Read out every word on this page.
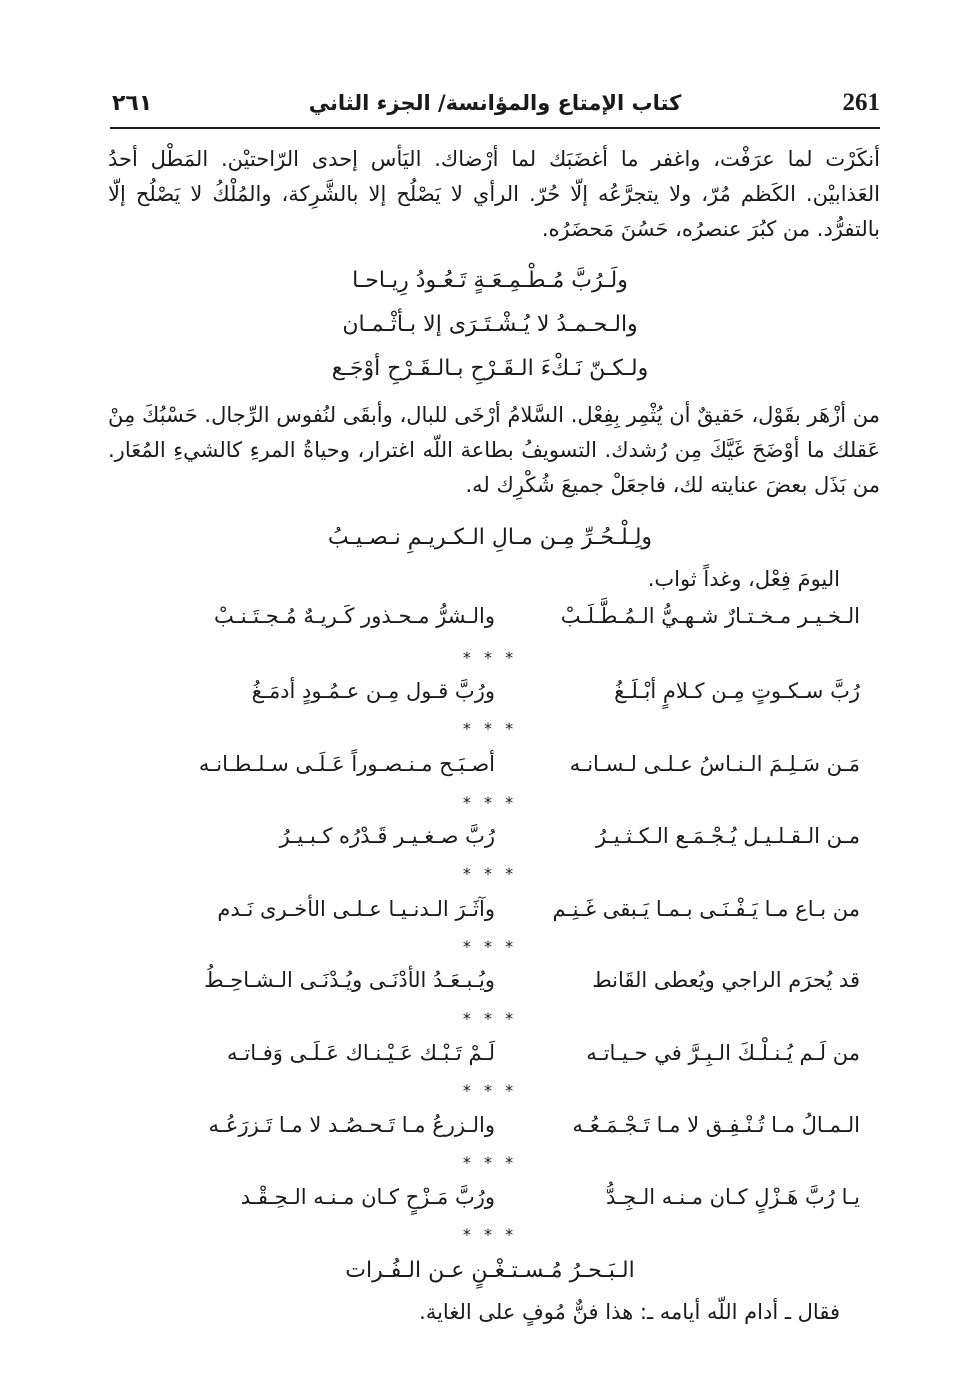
261
كتاب الإمتاع والمؤانسة/ الجزء الثاني
٢٦١
أنكَرْت لما عرَفْت، واغفر ما أغضَبَك لما أرْضاك. اليَأس إحدى الرّاحتيْن. المَطْل أحدُ العَذابيْن. الكَظم مُرّ، ولا يتجرَّعُه إلّا حُرّ. الرأي لا يَصْلُح إلا بالشَّرِكة، والمُلْكُ لا يَصْلُح إلّا بالتفرُّد. من كبُرَ عنصرُه، حَسُنَ مَحضَرُه.
ولَـرُبَّ مُـطْـمِـعَـةٍ تَـعُـودُ رِيـاحـا
والـحـمـدُ لا يُـشْـتَـرَى إلا بـأثْـمـان
ولـكـنّ نَـكْءَ الـقَـرْحِ بـالـقَـرْحِ أوْجَـع
من أزْهَر بقَوْل، حَقيقٌ أن يُثْمِر بِفِعْل. السَّلامُ أرْخَى للبال، وأبقَى لنُفوس الرِّجال. حَسْبُكَ مِنْ عَقلك ما أوْضَحَ غَيَّكَ مِن رُشدك. التسويفُ بطاعة اللّه اغترار، وحياةُ المرءِ كالشيءِ المُعَار. من بَذَل بعضَ عنايته لك، فاجعَلْ جميعَ شُكْرِك له.
ولِـلْـحُـرِّ مِـن مـالِ الـكـريـمِ نـصـيـبُ
اليومَ فِعْل، وغداً ثواب.
الـخـيـر مـخـتـارٌ شـهـيُّ الـمُـطَّـلَـبْ
والـشرُّ مـحـذور كَـريـهٌ مُـجـتَـنـبْ
* * *
رُبَّ سـكـوتٍ مِـن كـلامٍ أبْـلَـغُ
ورُبَّ قـول مِـن عـمُـودٍ أدمَـغُ
* * *
مَـن سَـلِـمَ الـنـاسُ عـلـى لـسـانـه
أصـبَـح مـنـصـوراً عَـلَـى سـلـطـانـه
* * *
مـن الـقـلـيـل يُـجْـمَـع الـكـثـيـرُ
رُبَّ صـغـيـر قَـدْرُه كـبـيـرُ
* * *
من بـاع مـا يَـفْـنَـى بـمـا يَـبقى غَـنِـم
وآثَـرَ الـدنـيـا عـلـى الأخـرى نَـدم
* * *
قد يُحرَم الراجي ويُعطى القَانط
ويُـبـعَـدُ الأدْنَـى ويُـدْنَـى الـشـاحِـطُ
* * *
من لَـم يُـنـلْـكَ الـبِـرَّ في حـيـاتـه
لَـمْ تَـبْـك عَـيْـنـاك عَـلَـى وَفـاتـه
* * *
الـمـالُ مـا تُـنْـفِـق لا مـا تَـجْـمَـعُـه
والـزرعُ مـا تَـحـصُـد لا مـا تَـزرَعُـه
* * *
يـا رُبَّ هَـزْلٍ كـان مـنـه الـجِـدُّ
ورُبَّ مَـزْحٍ كـان مـنـه الـحِـقْـد
* * *
الـبَـحـرُ مُـسـتـغْـنٍ عـن الـفُـرات
فقال ـ أدام اللّه أيامه ـ: هذا فنٌّ مُوفٍ على الغاية.
